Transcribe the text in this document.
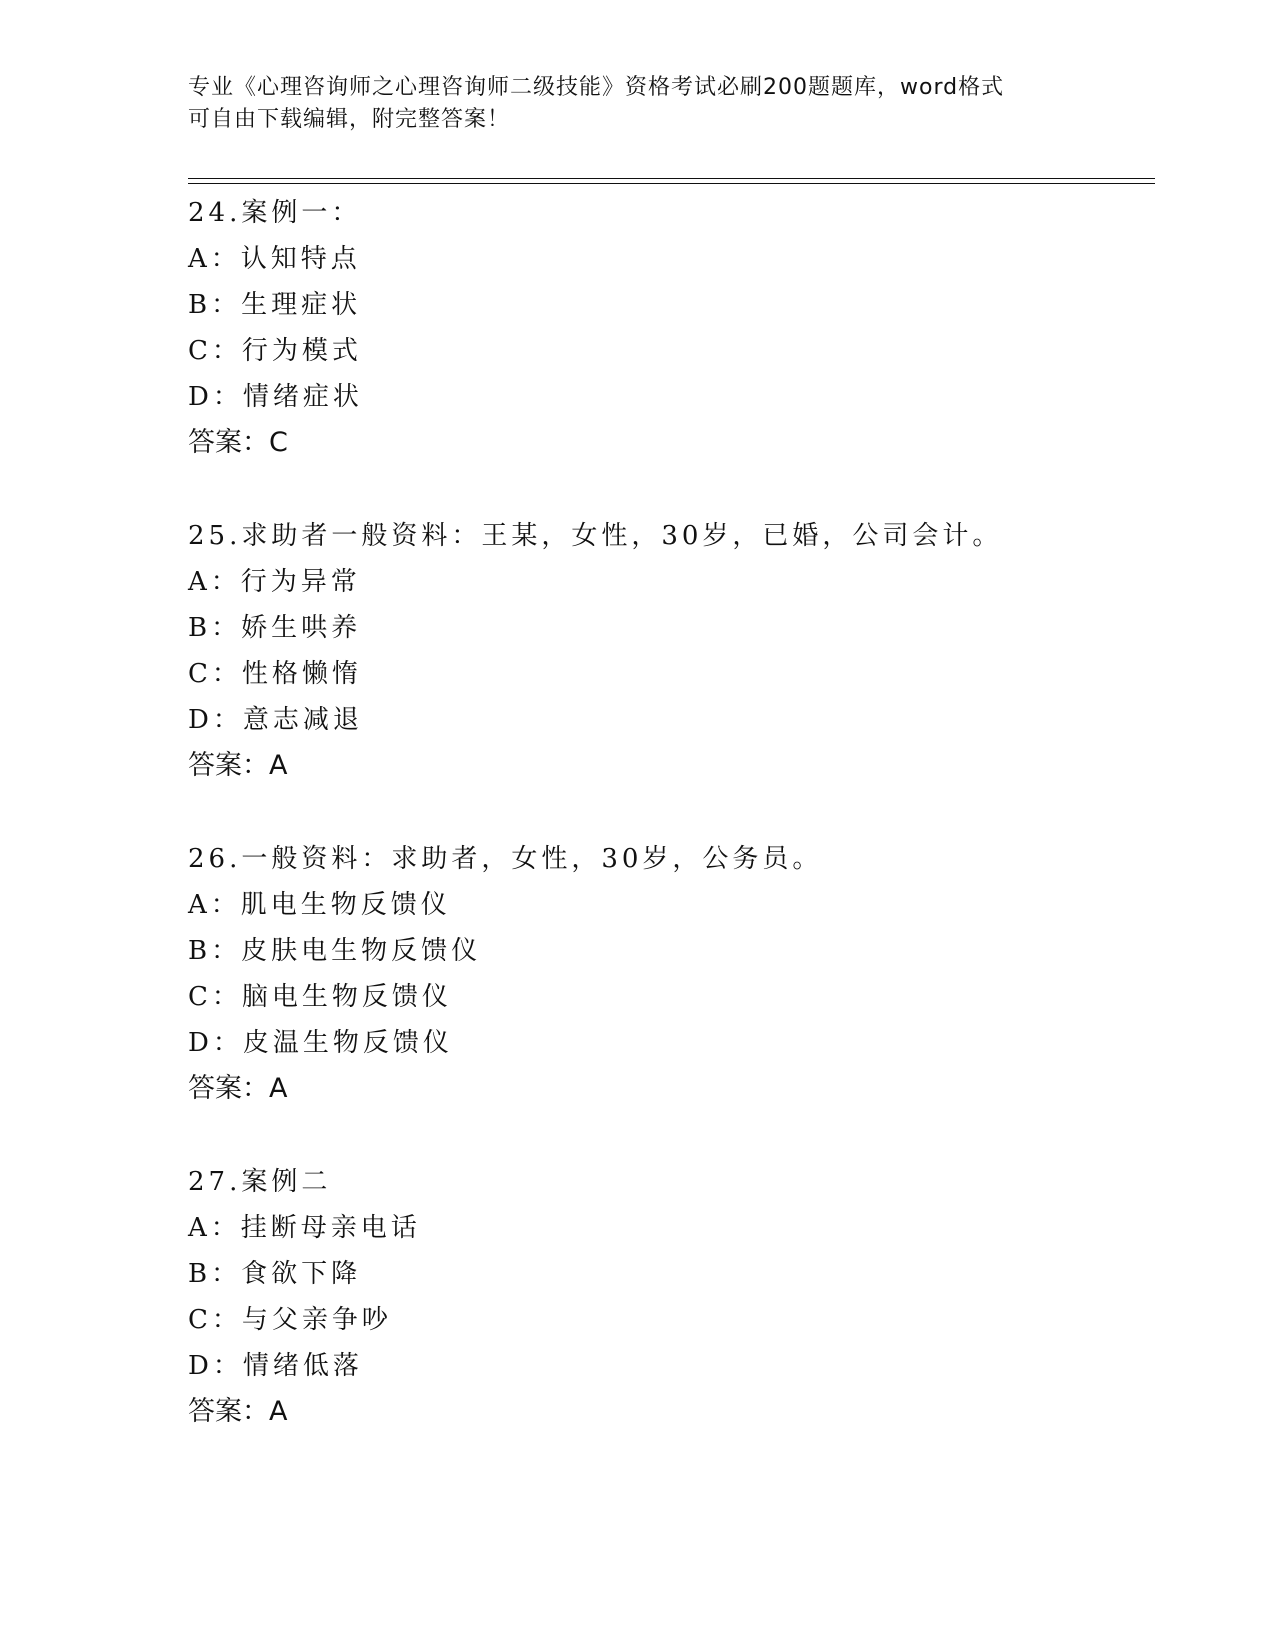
专业《心理咨询师之心理咨询师二级技能》资格考试必刷200题题库，word格式
可自由下载编辑，附完整答案！
24.案例一：
A：认知特点
B：生理症状
C：行为模式
D：情绪症状
答案：C
25.求助者一般资料：王某，女性，30岁，已婚，公司会计。
A：行为异常
B：娇生哄养
C：性格懒惰
D：意志减退
答案：A
26.一般资料：求助者，女性，30岁，公务员。
A：肌电生物反馈仪
B：皮肤电生物反馈仪
C：脑电生物反馈仪
D：皮温生物反馈仪
答案：A
27.案例二
A：挂断母亲电话
B：食欲下降
C：与父亲争吵
D：情绪低落
答案：A
